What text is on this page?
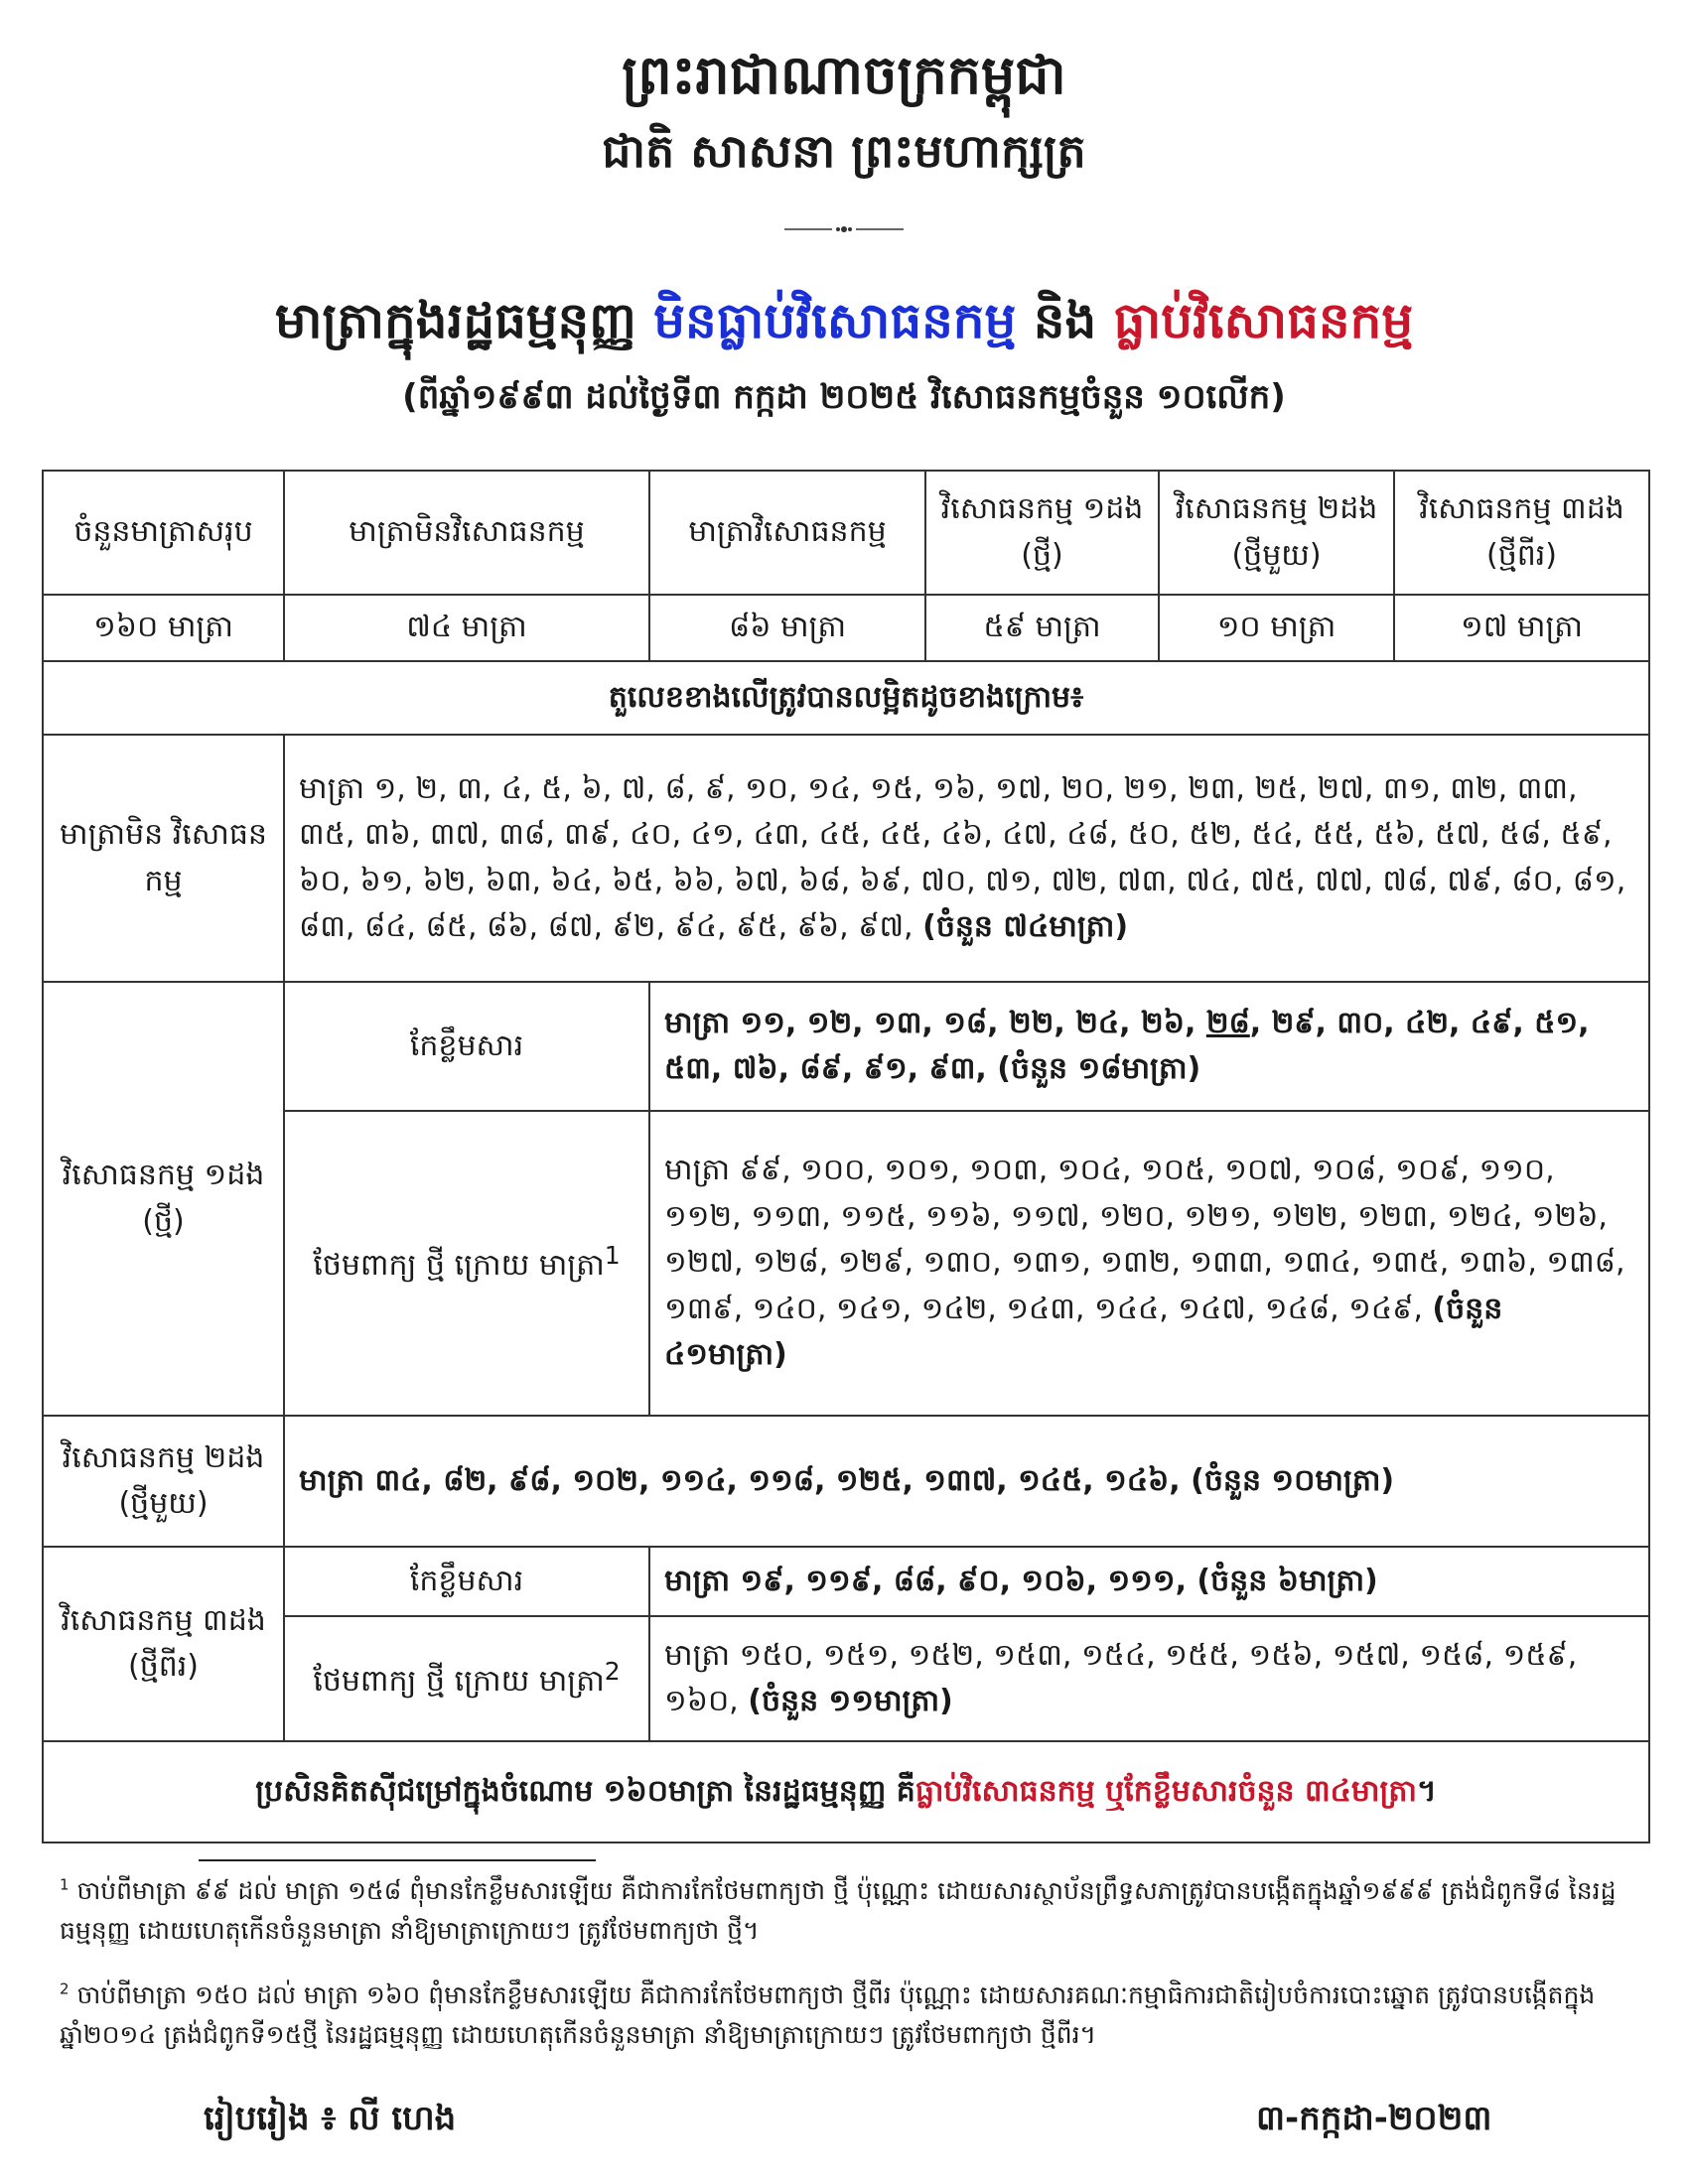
ព្រះរាជាណាចក្រកម្ពុជា
ជាតិ សាសនា ព្រះមហាក្សត្រ
មាត្រាក្នុងរដ្ឋធម្មនុញ្ញ មិនធ្លាប់វិសោធនកម្ម និង ធ្លាប់វិសោធនកម្ម
(ពីឆ្នាំ១៩៩៣ ដល់ថ្ងៃទី៣ កក្កដា ២០២៥ វិសោធនកម្មចំនួន ១០លើក)
ចំនួនមាត្រាសរុប	មាត្រាមិនវិសោធនកម្ម	មាត្រាវិសោធនកម្ម	វិសោធនកម្ម ១ដង (ថ្មី)	វិសោធនកម្ម ២ដង (ថ្មីមួយ)	វិសោធនកម្ម ៣ដង (ថ្មីពីរ)
១៦០ មាត្រា	៧៤ មាត្រា	៨៦ មាត្រា	៥៩ មាត្រា	១០ មាត្រា	១៧ មាត្រា
តួលេខខាងលើត្រូវបានលម្អិតដូចខាងក្រោម៖					
មាត្រាមិន វិសោធនកម្ម	មាត្រា ១, ២, ៣, ៤, ៥, ៦, ៧, ៨, ៩, ១០, ១៤, ១៥, ១៦, ១៧, ២០, ២១, ២៣, ២៥, ២៧, ៣១, ៣២, ៣៣, ៣៥, ៣៦, ៣៧, ៣៨, ៣៩, ៤០, ៤១, ៤៣, ៤៥, ៤៥, ៤៦, ៤៧, ៤៨, ៥០, ៥២, ៥៤, ៥៥, ៥៦, ៥៧, ៥៨, ៥៩, ៦០, ៦១, ៦២, ៦៣, ៦៤, ៦៥, ៦៦, ៦៧, ៦៨, ៦៩, ៧០, ៧១, ៧២, ៧៣, ៧៤, ៧៥, ៧៧, ៧៨, ៧៩, ៨០, ៨១, ៨៣, ៨៤, ៨៥, ៨៦, ៨៧, ៩២, ៩៤, ៩៥, ៩៦, ៩៧, (ចំនួន ៧៤មាត្រា)				
វិសោធនកម្ម ១ដង (ថ្មី)	កែខ្លឹមសារ	មាត្រា ១១, ១២, ១៣, ១៨, ២២, ២៤, ២៦, ២៨, ២៩, ៣០, ៤២, ៤៩, ៥១, ៥៣, ៧៦, ៨៩, ៩១, ៩៣, (ចំនួន ១៨មាត្រា)			
	ថែមពាក្យ ថ្មី ក្រោយ មាត្រា$^1$	មាត្រា ៩៩, ១០០, ១០១, ១០៣, ១០៤, ១០៥, ១០៧, ១០៨, ១០៩, ១១០, ១១២, ១១៣, ១១៥, ១១៦, ១១៧, ១២០, ១២១, ១២២, ១២៣, ១២៤, ១២៦, ១២៧, ១២៨, ១២៩, ១៣០, ១៣១, ១៣២, ១៣៣, ១៣៤, ១៣៥, ១៣៦, ១៣៨, ១៣៩, ១៤០, ១៤១, ១៤២, ១៤៣, ១៤៤, ១៤៧, ១៤៨, ១៤៩, (ចំនួន ៤១មាត្រា)			
វិសោធនកម្ម ២ដង (ថ្មីមួយ)	មាត្រា ៣៤, ៨២, ៩៨, ១០២, ១១៤, ១១៨, ១២៥, ១៣៧, ១៤៥, ១៤៦, (ចំនួន ១០មាត្រា)				
វិសោធនកម្ម ៣ដង (ថ្មីពីរ)	កែខ្លឹមសារ	មាត្រា ១៩, ១១៩, ៨៨, ៩០, ១០៦, ១១១, (ចំនួន ៦មាត្រា)			
	ថែមពាក្យ ថ្មី ក្រោយ មាត្រា$^2$	មាត្រា ១៥០, ១៥១, ១៥២, ១៥៣, ១៥៤, ១៥៥, ១៥៦, ១៥៧, ១៥៨, ១៥៩, ១៦០, (ចំនួន ១១មាត្រា)			
ប្រសិនគិតស៊ីជម្រៅក្នុងចំណោម ១៦០មាត្រា នៃរដ្ឋធម្មនុញ្ញ គឺធ្លាប់វិសោធនកម្ម ឬកែខ្លឹមសារចំនួន ៣៤មាត្រា។					
$^1$ ចាប់ពីមាត្រា ៩៩ ដល់ មាត្រា ១៥៨ ពុំមានកែខ្លឹមសារឡើយ គឺជាការកែថែមពាក្យថា ថ្មី ប៉ុណ្ណោះ ដោយសារស្ថាប័នព្រឹទ្ធសភាត្រូវបានបង្កើតក្នុងឆ្នាំ១៩៩៩ ត្រង់ជំពូកទី៨ នៃរដ្ឋធម្មនុញ្ញ ដោយហេតុកើនចំនួនមាត្រា នាំឱ្យមាត្រាក្រោយៗ ត្រូវថែមពាក្យថា ថ្មី។
$^2$ ចាប់ពីមាត្រា ១៥០ ដល់ មាត្រា ១៦០ ពុំមានកែខ្លឹមសារឡើយ គឺជាការកែថែមពាក្យថា ថ្មីពីរ ប៉ុណ្ណោះ ដោយសារគណៈកម្មាធិការជាតិរៀបចំការបោះឆ្នោត ត្រូវបានបង្កើតក្នុងឆ្នាំ២០១៤ ត្រង់ជំពូកទី១៥ថ្មី នៃរដ្ឋធម្មនុញ្ញ ដោយហេតុកើនចំនួនមាត្រា នាំឱ្យមាត្រាក្រោយៗ ត្រូវថែមពាក្យថា ថ្មីពីរ។
រៀបរៀង ៖ លី ហេង	៣-កក្កដា-២០២៣
